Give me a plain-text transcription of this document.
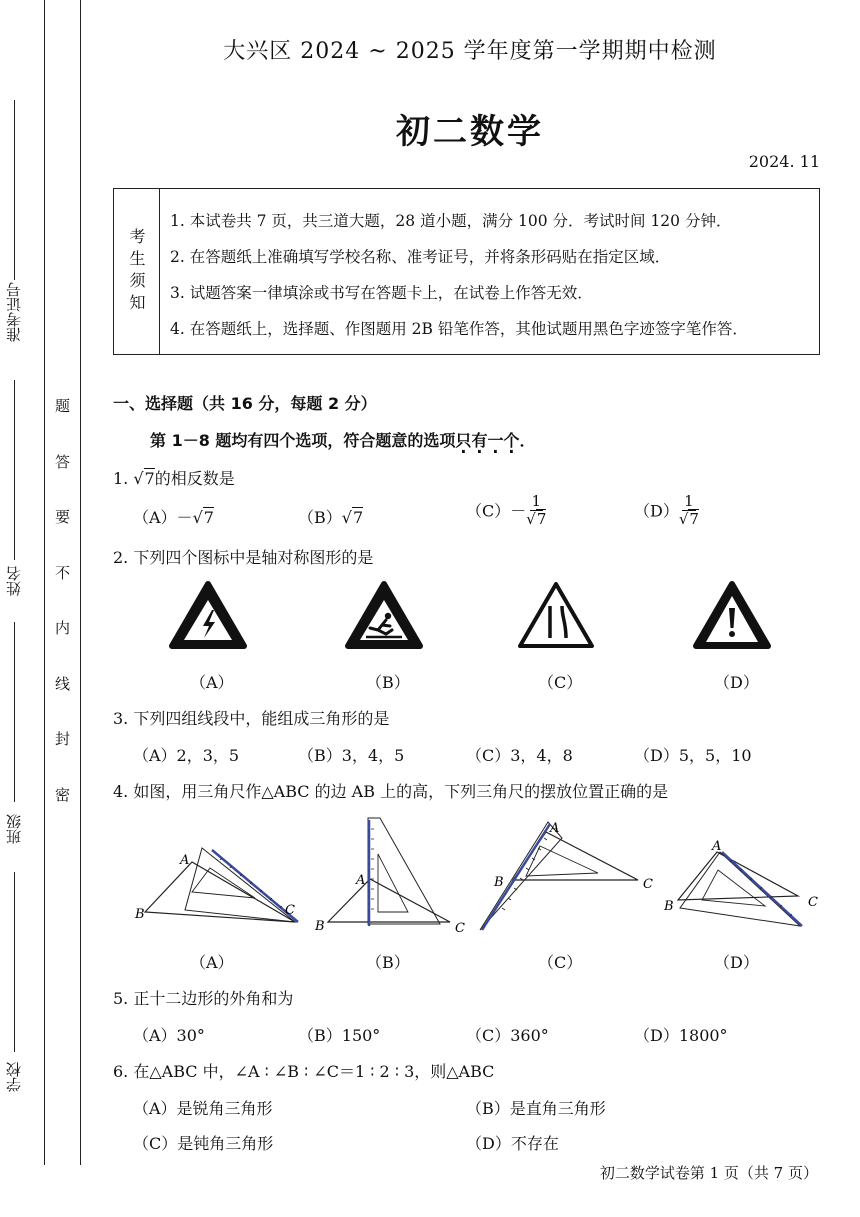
准考证号
姓名
班级
学校
密
封
线
内
不
要
答
题
大兴区 2024 ~ 2025 学年度第一学期期中检测
初二数学
2024. 11
考生须知
1. 本试卷共 7 页，共三道大题，28 道小题，满分 100 分．考试时间 120 分钟．
2. 在答题纸上准确填写学校名称、准考证号，并将条形码贴在指定区域．
3. 试题答案一律填涂或书写在答题卡上，在试卷上作答无效．
4. 在答题纸上，选择题、作图题用 2B 铅笔作答，其他试题用黑色字迹签字笔作答．
一、选择题（共 16 分，每题 2 分）
第 1－8 题均有四个选项，符合题意的选项只有一个．
1. √7的相反数是
（A）－√7	（B）√7	$(C)- \frac{1}{√7}$	$(D) \frac{1}{√7}$
2. 下列四个图标中是轴对称图形的是
（A）	（B）	（C）	（D）
3. 下列四组线段中，能组成三角形的是
（A）2，3，5	（B）3，4，5	（C）3，4，8	（D）5，5，10
4. 如图，用三角尺作△ABC 的边 AB 上的高，下列三角尺的摆放位置正确的是
A
B	C
A
B	C
A
B	C
A
B	C
（A）	（B）	（C）	（D）
5. 正十二边形的外角和为
（A）30°	（B）150°	（C）360°	（D）1800°
6. 在△ABC 中，∠A ∶ ∠B ∶ ∠C＝1 ∶ 2 ∶ 3，则△ABC
（A）是锐角三角形	（B）是直角三角形
（C）是钝角三角形	（D）不存在
初二数学试卷第 1 页（共 7 页）
